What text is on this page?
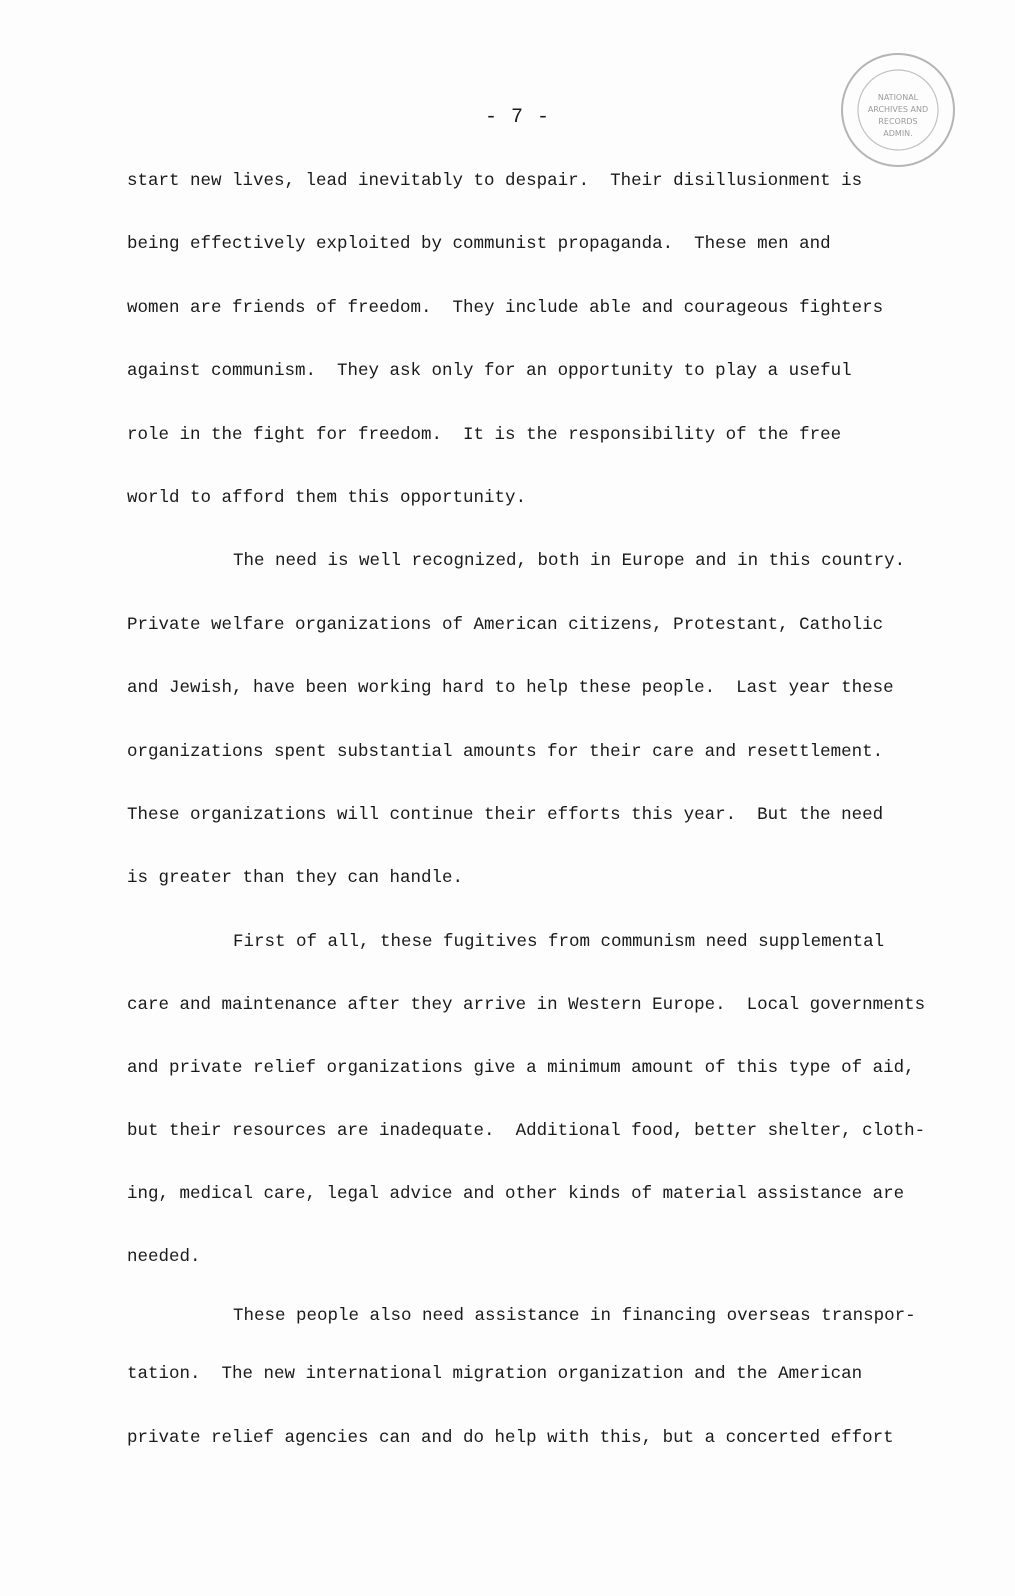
- 7 -
NATIONAL
ARCHIVES AND
RECORDS
ADMIN.
start new lives, lead inevitably to despair.  Their disillusionment is
being effectively exploited by communist propaganda.  These men and
women are friends of freedom.  They include able and courageous fighters
against communism.  They ask only for an opportunity to play a useful
role in the fight for freedom.  It is the responsibility of the free
world to afford them this opportunity.
The need is well recognized, both in Europe and in this country.
Private welfare organizations of American citizens, Protestant, Catholic
and Jewish, have been working hard to help these people.  Last year these
organizations spent substantial amounts for their care and resettlement.
These organizations will continue their efforts this year.  But the need
is greater than they can handle.
First of all, these fugitives from communism need supplemental
care and maintenance after they arrive in Western Europe.  Local governments
and private relief organizations give a minimum amount of this type of aid,
but their resources are inadequate.  Additional food, better shelter, cloth-
ing, medical care, legal advice and other kinds of material assistance are
needed.
These people also need assistance in financing overseas transpor-
tation.  The new international migration organization and the American
private relief agencies can and do help with this, but a concerted effort
